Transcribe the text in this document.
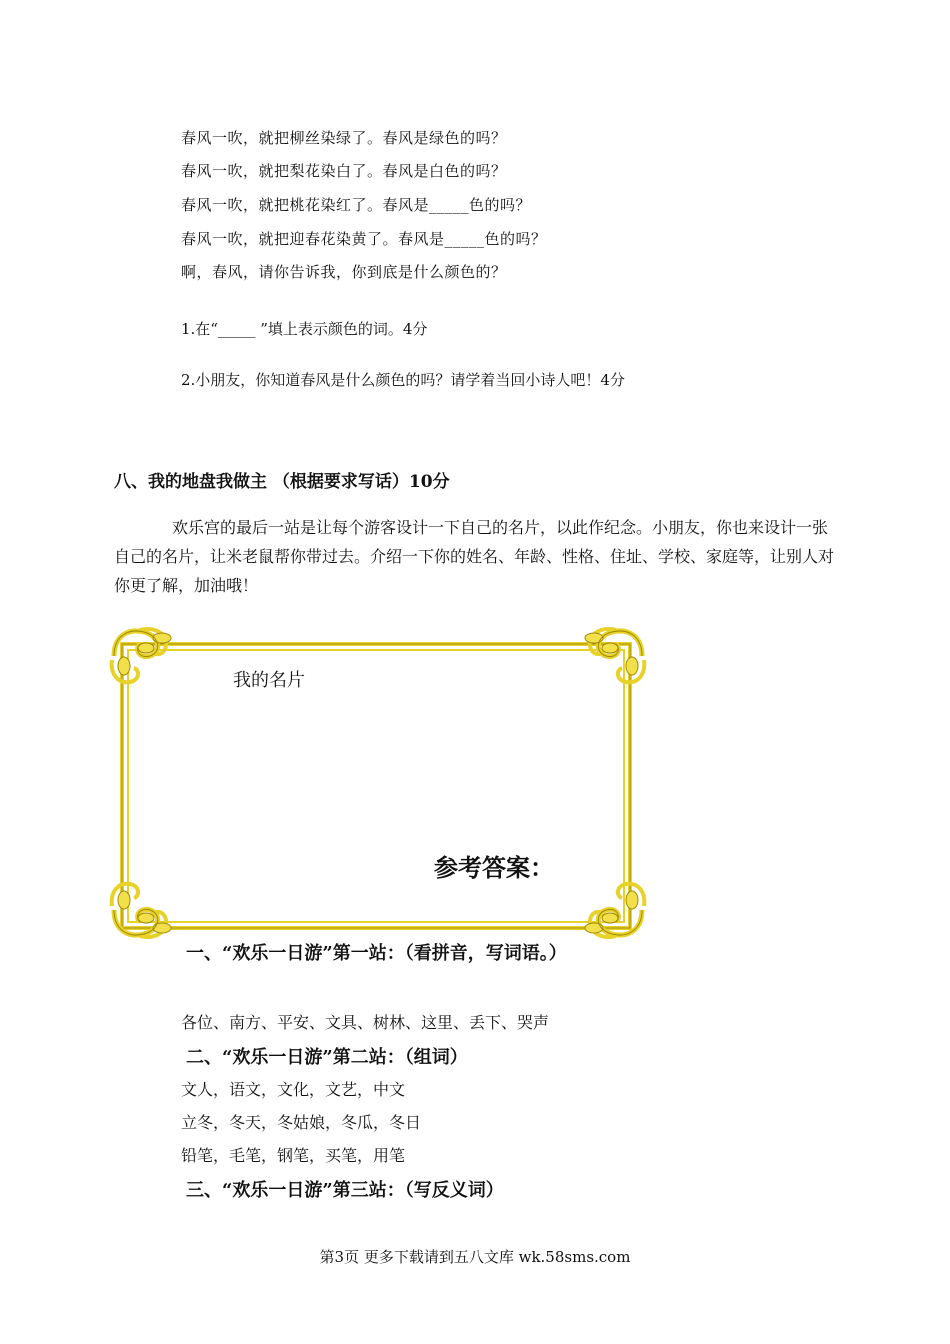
春风一吹，就把柳丝染绿了。春风是绿色的吗？
春风一吹，就把梨花染白了。春风是白色的吗？
春风一吹，就把桃花染红了。春风是_____色的吗？
春风一吹，就把迎春花染黄了。春风是_____色的吗？
啊，春风，请你告诉我，你到底是什么颜色的？
1.在“_____ ”填上表示颜色的词。4分
2.小朋友，你知道春风是什么颜色的吗？请学着当回小诗人吧！4分
八、我的地盘我做主 （根据要求写话）10分
欢乐宫的最后一站是让每个游客设计一下自己的名片，以此作纪念。小朋友，你也来设计一张自己的名片，让米老鼠帮你带过去。介绍一下你的姓名、年龄、性格、住址、学校、家庭等，让别人对你更了解，加油哦！
我的名片
参考答案：
一、“欢乐一日游”第一站：（看拼音，写词语。）
各位、南方、平安、文具、树林、这里、丢下、哭声
二、“欢乐一日游”第二站：（组词）
文人，语文，文化，文艺，中文
立冬，冬天，冬姑娘，冬瓜，冬日
铅笔，毛笔，钢笔，买笔，用笔
三、“欢乐一日游”第三站：（写反义词）
第3页 更多下载请到五八文库 wk.58sms.com
